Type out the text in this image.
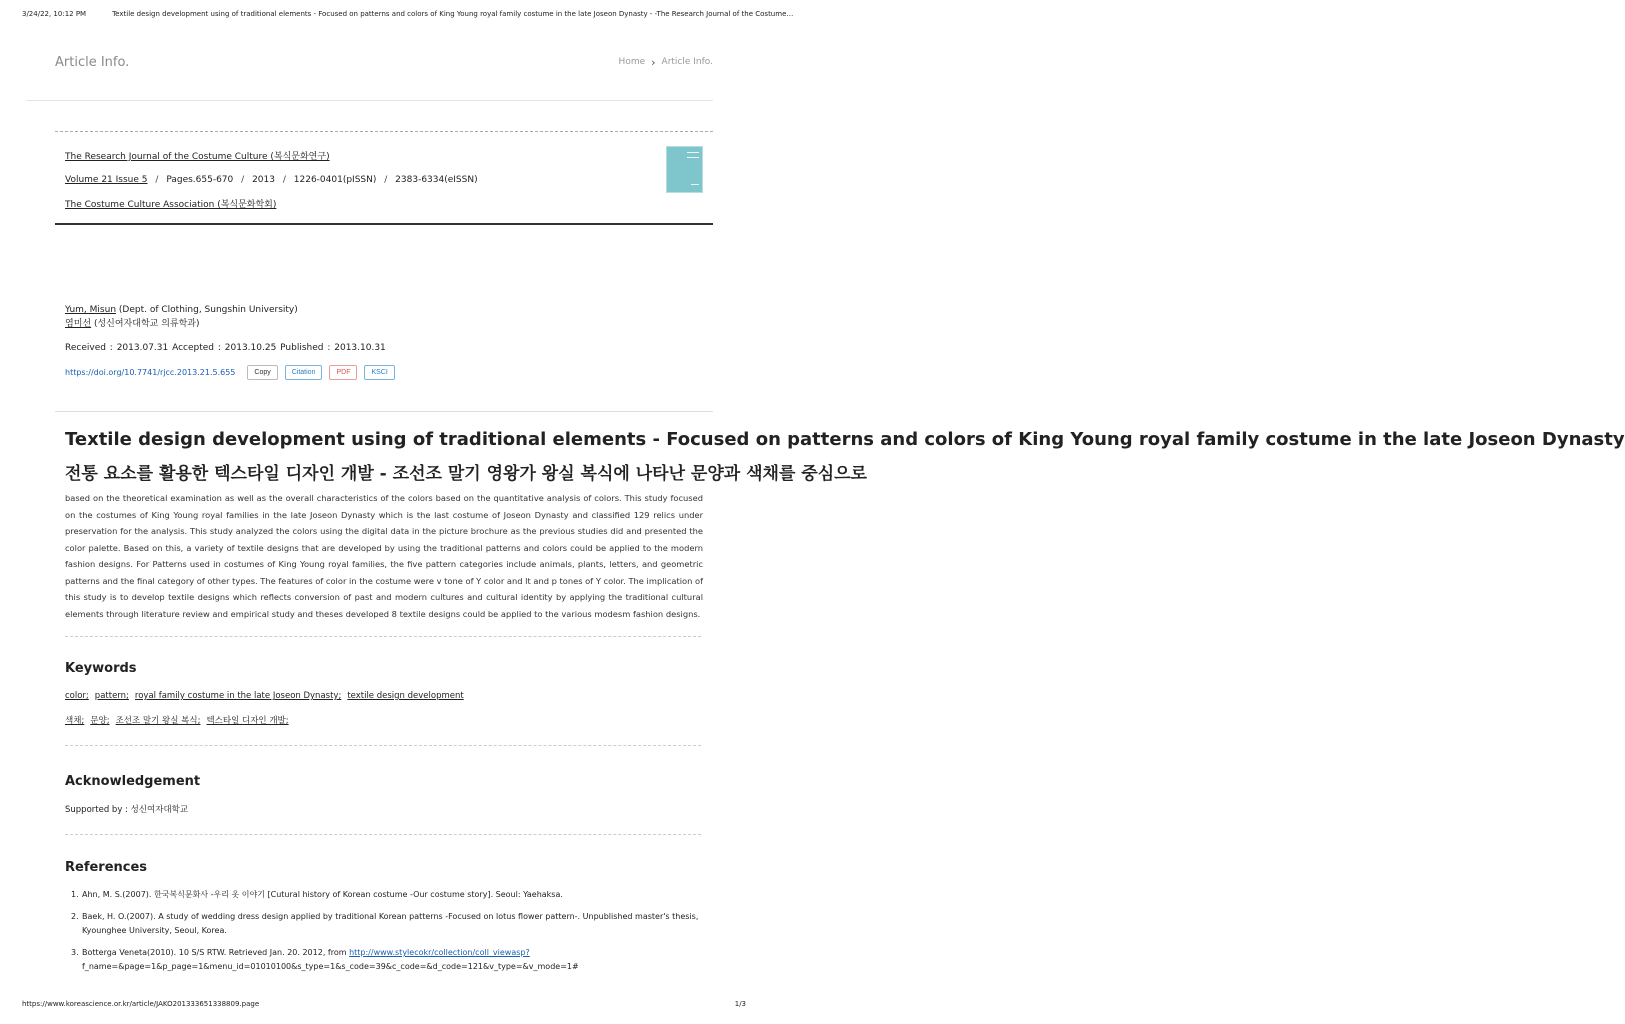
3/24/22, 10:12 PM	Textile design development using of traditional elements - Focused on patterns and colors of King Young royal family costume in the late Joseon Dynasty - -The Research Journal of the Costume…
Article Info.	Home › Article Info.
The Research Journal of the Costume Culture (복식문화연구)
Volume 21 Issue 5 / Pages.655-670 / 2013 / 1226-0401(pISSN) / 2383-6334(eISSN)
The Costume Culture Association (복식문화학회)
Yum, Misun (Dept. of Clothing, Sungshin University)
염미선 (성신여자대학교 의류학과)
Received : 2013.07.31 Accepted : 2013.10.25 Published : 2013.10.31
https://doi.org/10.7741/rjcc.2013.21.5.655	Copy	Citation	PDF	KSCI
Textile design development using of traditional elements - Focused on patterns and colors of King Young royal family costume in the late Joseon Dynasty
전통 요소를 활용한 텍스타일 디자인 개발 - 조선조 말기 영왕가 왕실 복식에 나타난 문양과 색채를 중심으로
based on the theoretical examination as well as the overall characteristics of the colors based on the quantitative analysis of colors. This study focused on the costumes of King Young royal families in the late Joseon Dynasty which is the last costume of Joseon Dynasty and classified 129 relics under preservation for the analysis. This study analyzed the colors using the digital data in the picture brochure as the previous studies did and presented the color palette. Based on this, a variety of textile designs that are developed by using the traditional patterns and colors could be applied to the modern fashion designs. For Patterns used in costumes of King Young royal families, the five pattern categories include animals, plants, letters, and geometric patterns and the final category of other types. The features of color in the costume were v tone of Y color and lt and p tones of Y color. The implication of this study is to develop textile designs which reflects conversion of past and modern cultures and cultural identity by applying the traditional cultural elements through literature review and empirical study and theses developed 8 textile designs could be applied to the various modesm fashion designs.
Keywords
color; pattern; royal family costume in the late Joseon Dynasty; textile design development
색채; 문양; 조선조 말기 왕실 복식; 텍스타일 디자인 개발;
Acknowledgement
Supported by : 성신여자대학교
References
1. Ahn, M. S.(2007). 한국복식문화사 -우리 옷 이야기 [Cutural history of Korean costume -Our costume story]. Seoul: Yaehaksa.
2. Baek, H. O.(2007). A study of wedding dress design applied by traditional Korean patterns -Focused on lotus flower pattern-. Unpublished master's thesis, Kyounghee University, Seoul, Korea.
3. Botterga Veneta(2010). 10 S/S RTW. Retrieved Jan. 20. 2012, from http://www.stylecokr/collection/coll_viewasp?
f_name=&page=1&p_page=1&menu_id=01010100&s_type=1&s_code=39&c_code=&d_code=121&v_type=&v_mode=1#
https://www.koreascience.or.kr/article/JAKO201333651338809.page	1/3
